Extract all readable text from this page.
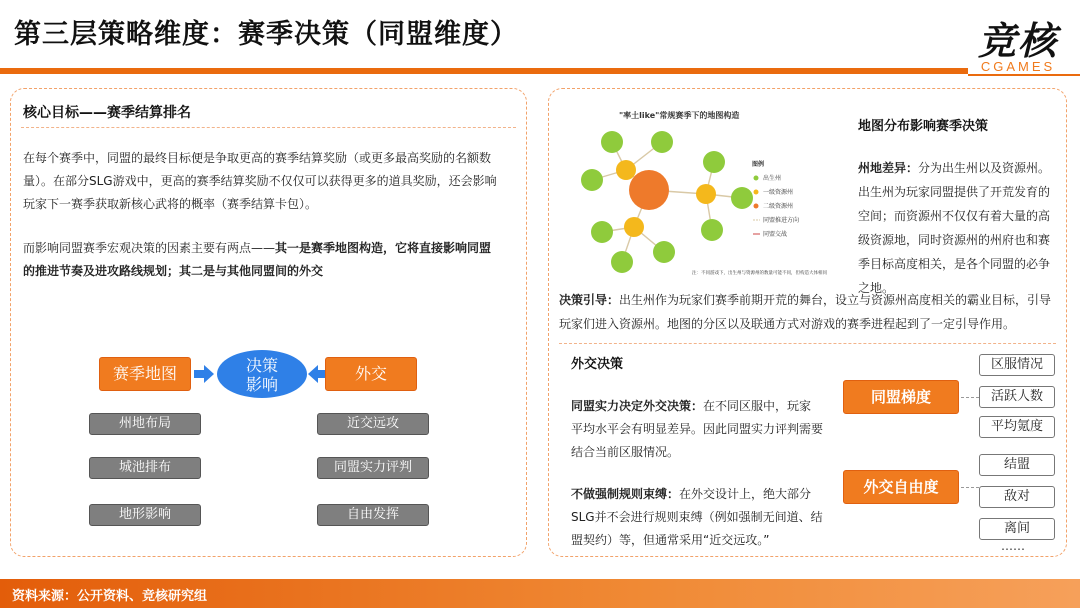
第三层策略维度：赛季决策（同盟维度）	竞核
CGAMES
核心目标——赛季结算排名
在每个赛季中，同盟的最终目标便是争取更高的赛季结算奖励（或更多最高奖励的名额数量）。在部分SLG游戏中，更高的赛季结算奖励不仅仅可以获得更多的道具奖励，还会影响玩家下一赛季获取新核心武将的概率（赛季结算卡包）。
而影响同盟赛季宏观决策的因素主要有两点——其一是赛季地图构造，它将直接影响同盟的推进节奏及进攻路线规划；其二是与其他同盟间的外交
赛季地图	决策
影响
外交
州地布局
城池排布
地形影响
近交远攻
同盟实力评判
自由发挥
"率土like"常规赛季下的地图构造
图例
出生州
一级资源州
二级资源州
同盟推进方向
同盟交战
注：不同游戏下，出生州与资源州的数量可能不同，但构造大体相同
地图分布影响赛季决策
州地差异：分为出生州以及资源州。出生州为玩家同盟提供了开荒发育的空间；而资源州不仅仅有着大量的高级资源地，同时资源州的州府也和赛季目标高度相关，是各个同盟的必争之地。
决策引导：出生州作为玩家们赛季前期开荒的舞台，设立与资源州高度相关的霸业目标，引导玩家们进入资源州。地图的分区以及联通方式对游戏的赛季进程起到了一定引导作用。
外交决策
同盟实力决定外交决策：在不同区服中，玩家平均水平会有明显差异。因此同盟实力评判需要结合当前区服情况。
不做强制规则束缚：在外交设计上，绝大部分SLG并不会进行规则束缚（例如强制无间道、结盟契约）等，但通常采用“近交远攻。”
同盟梯度
外交自由度
区服情况
活跃人数
平均氪度
结盟
敌对
离间
……
资料来源：公开资料、竞核研究组
